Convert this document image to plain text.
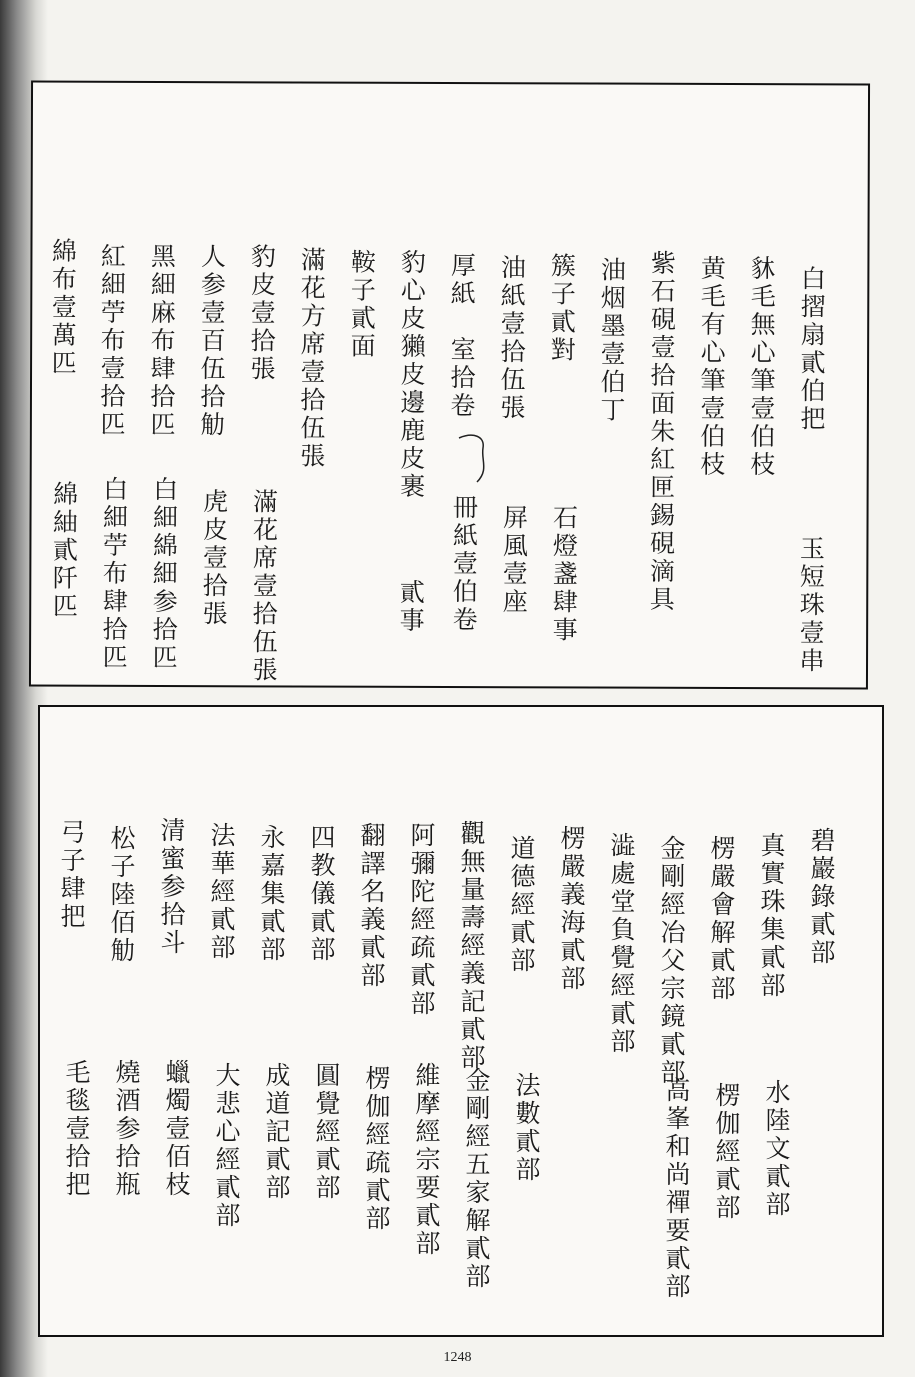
綿布壹萬匹 紅細苧布壹拾匹 黑細麻布肆拾匹 人参壹百伍拾觔 豹皮壹拾張 滿花方席壹拾伍張 鞍子貳面 豹心皮獺皮邊鹿皮裹 厚紙　室拾卷 油紙壹拾伍張 簇子貳對 油烟墨壹伯丁 紫石硯壹拾面朱紅匣錫硯滴具 黄毛有心筆壹伯枝 䝗毛無心筆壹伯枝 白摺扇貳伯把
綿紬貳阡匹 白細苧布肆拾匹 白細綿細参拾匹 虎皮壹拾張 滿花席壹拾伍張	貳事 冊紙壹伯卷 屏風壹座 石燈盞肆事	玉短珠壹串
弓子肆把 松子陸佰觔 清蜜参拾斗 法華經貳部 永嘉集貳部 四教儀貳部 翻譯名義貳部 阿彌陀經疏貳部 觀無量壽經義記貳部 道德經貳部 楞嚴義海貳部 澁處堂負覺經貳部 金剛經冶父宗鏡貳部 楞嚴會解貳部 真實珠集貳部 碧巖錄貳部
毛毯壹拾把 燒酒参拾瓶 蠟燭壹佰枝 大悲心經貳部 成道記貳部 圓覺經貳部 楞伽經疏貳部 維摩經宗要貳部 金剛經五家解貳部 法數貳部	高峯和尚禪要貳部 楞伽經貳部 水陸文貳部
1248
